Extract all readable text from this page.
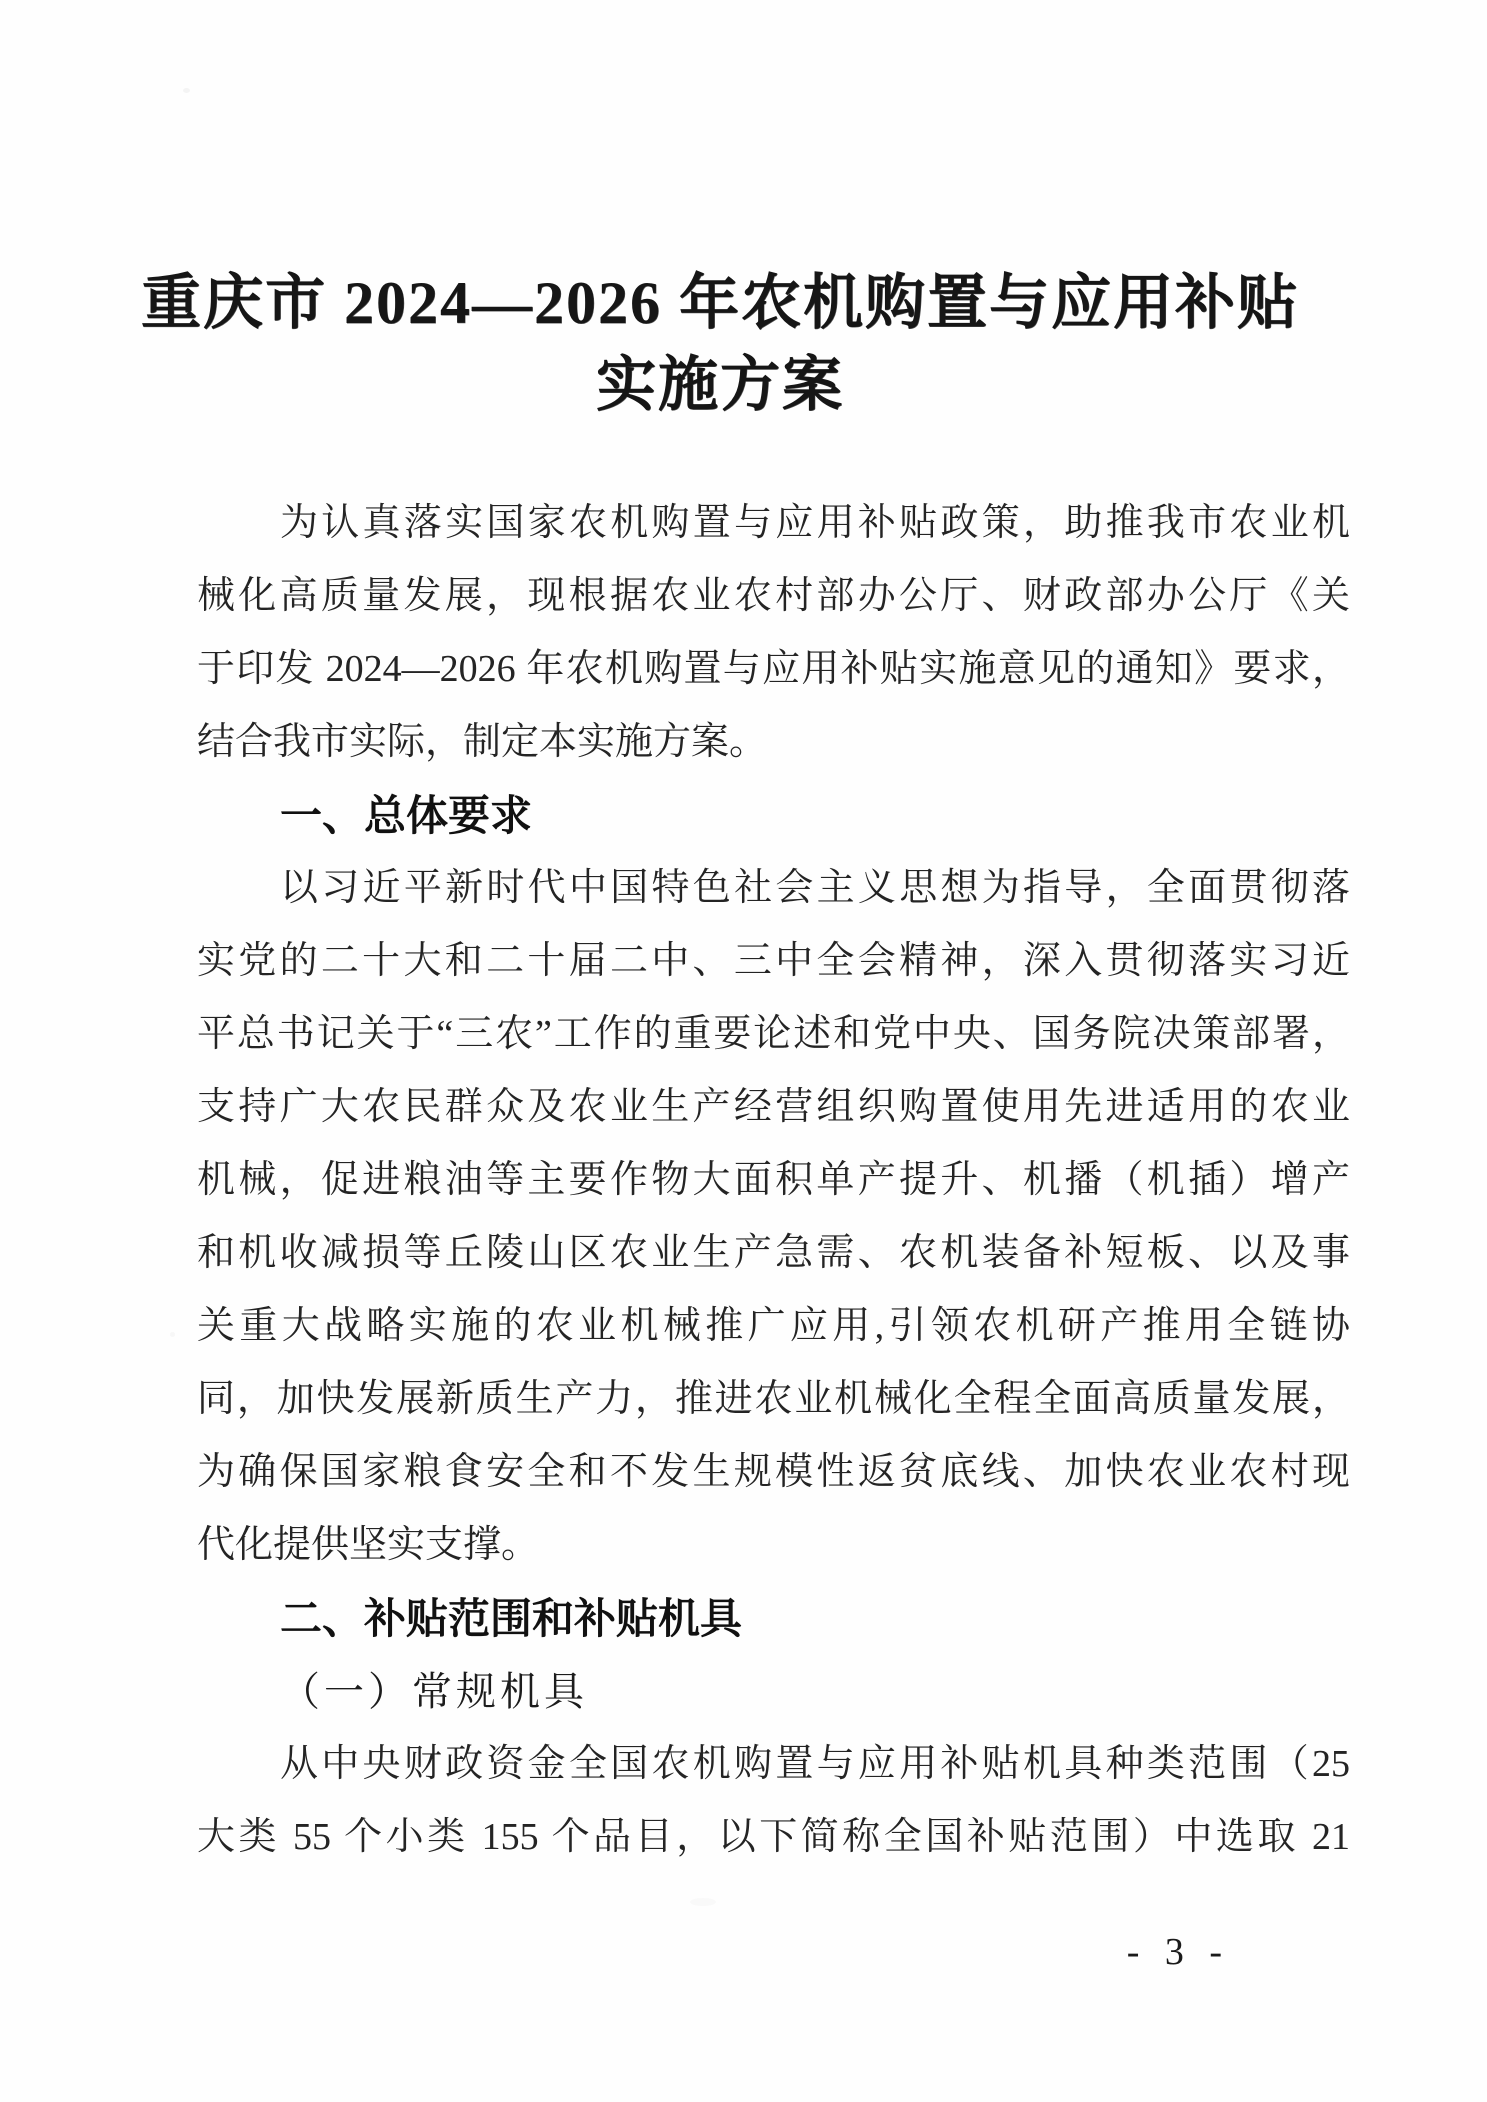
重庆市 2024—2026 年农机购置与应用补贴
实施方案
为认真落实国家农机购置与应用补贴政策，助推我市农业机
械化高质量发展，现根据农业农村部办公厅、财政部办公厅《关
于印发 2024—2026 年农机购置与应用补贴实施意见的通知》要求，
结合我市实际，制定本实施方案。
一、总体要求
以习近平新时代中国特色社会主义思想为指导，全面贯彻落
实党的二十大和二十届二中、三中全会精神，深入贯彻落实习近
平总书记关于“三农”工作的重要论述和党中央、国务院决策部署，
支持广大农民群众及农业生产经营组织购置使用先进适用的农业
机械，促进粮油等主要作物大面积单产提升、机播（机插）增产
和机收减损等丘陵山区农业生产急需、农机装备补短板、以及事
关重大战略实施的农业机械推广应用,引领农机研产推用全链协
同，加快发展新质生产力，推进农业机械化全程全面高质量发展，
为确保国家粮食安全和不发生规模性返贫底线、加快农业农村现
代化提供坚实支撑。
二、补贴范围和补贴机具
（一）常规机具
从中央财政资金全国农机购置与应用补贴机具种类范围（25
大类 55 个小类 155 个品目，以下简称全国补贴范围）中选取 21
- 3 -
